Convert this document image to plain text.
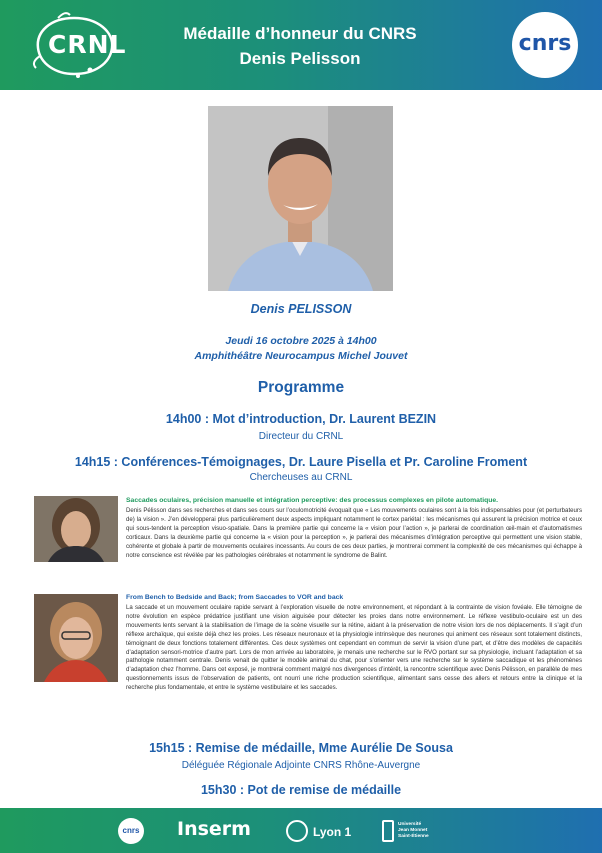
CRNL	Médaille d’honneur du CNRS
Denis Pelisson
cnrs
Denis PELISSON
Jeudi 16 octobre 2025 à 14h00
Amphithéâtre Neurocampus Michel Jouvet
Programme
14h00 : Mot d’introduction, Dr. Laurent BEZIN
Directeur du CRNL
14h15 : Conférences-Témoignages, Dr. Laure Pisella et Pr. Caroline Froment
Chercheuses au CRNL
Saccades oculaires, précision manuelle et intégration perceptive: des processus complexes en pilote automatique.
Denis Pélisson dans ses recherches et dans ses cours sur l’oculomotricité évoquait que « Les mouvements oculaires sont à la fois indispensables pour (et perturbateurs de) la vision ». J’en développerai plus particulièrement deux aspects impliquant notamment le cortex pariétal : les mécanismes qui assurent la précision motrice et ceux qui sous-tendent la perception visuo-spatiale. Dans la première partie qui concerne la « vision pour l’action », je parlerai de coordination œil-main et d’automatismes corticaux. Dans la deuxième partie qui concerne la « vision pour la perception », je parlerai des mécanismes d’intégration perceptive qui permettent une vision stable, cohérente et globale à partir de mouvements oculaires incessants. Au cours de ces deux parties, je montrerai comment la complexité de ces mécanismes qui échappe à notre conscience est révélée par les pathologies cérébrales et notamment le syndrome de Balint.
From Bench to Bedside and Back; from Saccades to VOR and back
La saccade et un mouvement oculaire rapide servant à l’exploration visuelle de notre environnement, et répondant à la contrainte de vision fovéale. Elle témoigne de notre évolution en espèce prédatrice justifiant une vision aiguisée pour détecter les proies dans notre environnement. Le réflexe vestibulo-oculaire est un des mouvements lents servant à la stabilisation de l’image de la scène visuelle sur la rétine, aidant à la préservation de notre vision lors de nos déplacements. Il s’agit d’un réflexe archaïque, qui existe déjà chez les proies. Les réseaux neuronaux et la physiologie intrinsèque des neurones qui animent ces réseaux sont totalement distincts, témoignant de deux fonctions totalement différentes. Ces deux systèmes ont cependant en commun de servir la vision d’une part, et d’être des modèles de capacités d’adaptation sensori-motrice d’autre part. Lors de mon arrivée au laboratoire, je menais une recherche sur le RVO portant sur sa physiologie, incluant l’adaptation et sa pathologie notamment centrale. Denis venait de quitter le modèle animal du chat, pour s’orienter vers une recherche sur le système saccadique et les phénomènes d’adaptation chez l’homme. Dans cet exposé, je montrerai comment malgré nos divergences d’intérêt, la rencontre scientifique avec Denis Pélisson, en parallèle de mes questionnements issus de l’observation de patients, ont nourri une riche production scientifique, alimentant sans cesse des allers et retours entre la clinique et la recherche plus fondamentale, et entre le système vestibulaire et les saccades.
15h15 : Remise de médaille, Mme Aurélie De Sousa
Déléguée Régionale Adjointe CNRS Rhône-Auvergne
15h30 : Pot de remise de médaille
cnrs Inserm	Lyon 1
Université
Jean Monnet
Saint-Étienne
